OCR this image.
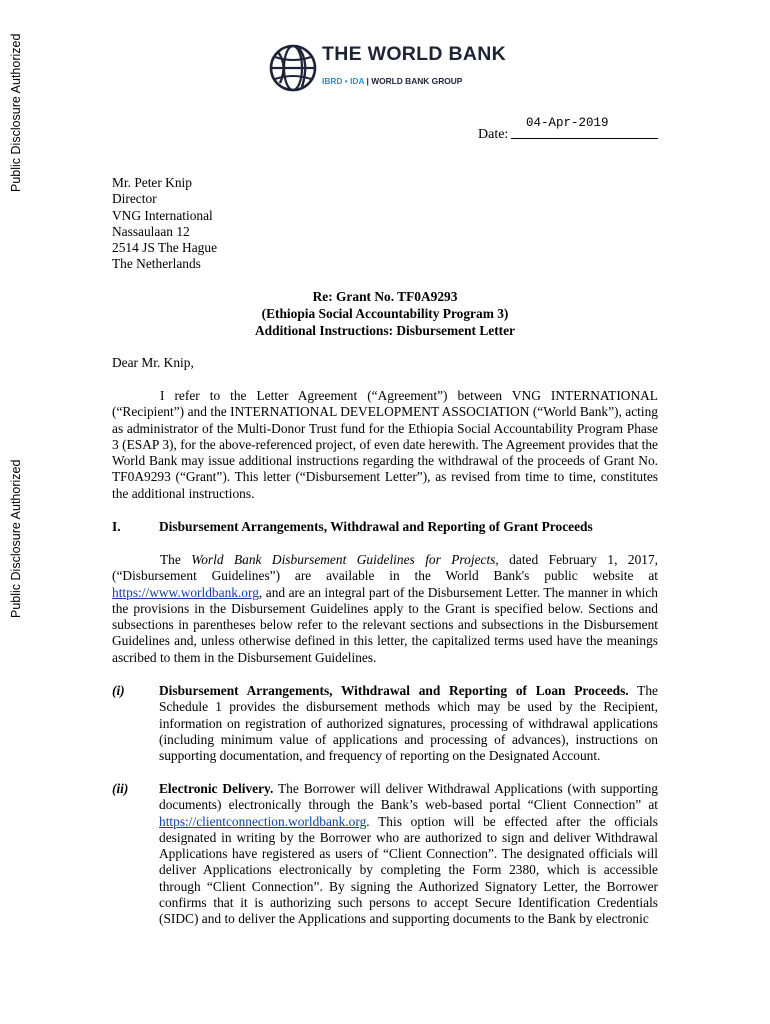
Public Disclosure Authorized
Public Disclosure Authorized
THE WORLD BANK
IBRD • IDA | WORLD BANK GROUP
Date:
04-Apr-2019
Mr. Peter Knip
Director
VNG International
Nassaulaan 12
2514 JS The Hague
The Netherlands
Re: Grant No. TF0A9293
(Ethiopia Social Accountability Program 3)
Additional Instructions: Disbursement Letter
Dear Mr. Knip,
I refer to the Letter Agreement (“Agreement”) between VNG INTERNATIONAL (“Recipient”) and the INTERNATIONAL DEVELOPMENT ASSOCIATION (“World Bank”), acting as administrator of the Multi-Donor Trust fund for the Ethiopia Social Accountability Program Phase 3 (ESAP 3), for the above-referenced project, of even date herewith. The Agreement provides that the World Bank may issue additional instructions regarding the withdrawal of the proceeds of Grant No. TF0A9293 (“Grant”). This letter (“Disbursement Letter”), as revised from time to time, constitutes the additional instructions.
I.	Disbursement Arrangements, Withdrawal and Reporting of Grant Proceeds
The World Bank Disbursement Guidelines for Projects, dated February 1, 2017, (“Disbursement Guidelines”) are available in the World Bank's public website at https://www.worldbank.org, and are an integral part of the Disbursement Letter. The manner in which the provisions in the Disbursement Guidelines apply to the Grant is specified below. Sections and subsections in parentheses below refer to the relevant sections and subsections in the Disbursement Guidelines and, unless otherwise defined in this letter, the capitalized terms used have the meanings ascribed to them in the Disbursement Guidelines.
(i)	Disbursement Arrangements, Withdrawal and Reporting of Loan Proceeds. The Schedule 1 provides the disbursement methods which may be used by the Recipient, information on registration of authorized signatures, processing of withdrawal applications (including minimum value of applications and processing of advances), instructions on supporting documentation, and frequency of reporting on the Designated Account.
(ii) Electronic Delivery. The Borrower will deliver Withdrawal Applications (with supporting documents) electronically through the Bank’s web-based portal “Client Connection” at https://clientconnection.worldbank.org. This option will be effected after the officials designated in writing by the Borrower who are authorized to sign and deliver Withdrawal Applications have registered as users of “Client Connection”. The designated officials will deliver Applications electronically by completing the Form 2380, which is accessible through “Client Connection”. By signing the Authorized Signatory Letter, the Borrower confirms that it is authorizing such persons to accept Secure Identification Credentials (SIDC) and to deliver the Applications and supporting documents to the Bank by electronic
